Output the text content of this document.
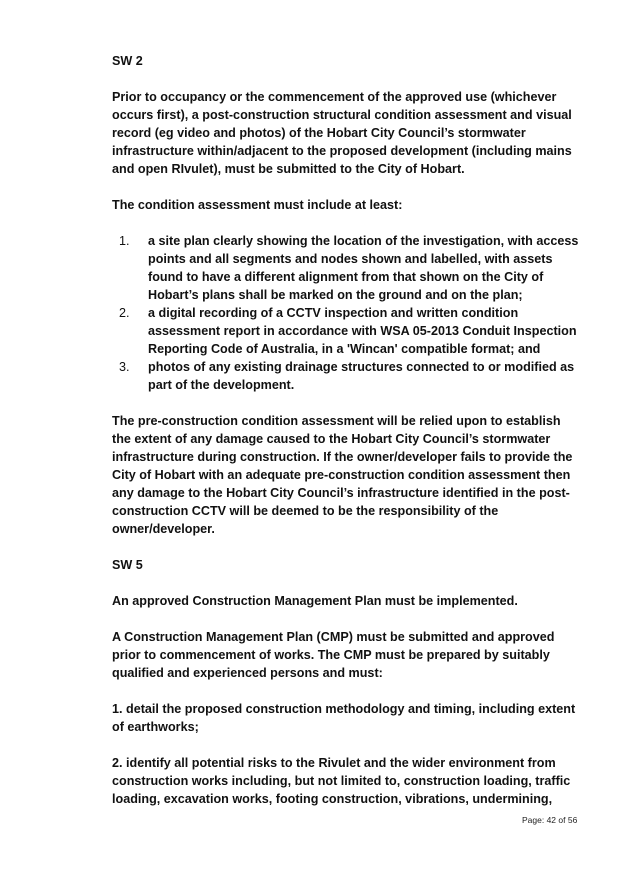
SW 2

Prior to occupancy or the commencement of the approved use (whichever occurs first), a post-construction structural condition assessment and visual record (eg video and photos) of the Hobart City Council’s stormwater infrastructure within/adjacent to the proposed development (including mains and open RIvulet), must be submitted to the City of Hobart.

The condition assessment must include at least:

1.	a site plan clearly showing the location of the investigation, with access points and all segments and nodes shown and labelled, with assets found to have a different alignment from that shown on the City of Hobart’s plans shall be marked on the ground and on the plan;
2.	a digital recording of a CCTV inspection and written condition assessment report in accordance with WSA 05-2013 Conduit Inspection Reporting Code of Australia, in a 'Wincan' compatible format; and
3.	photos of any existing drainage structures connected to or modified as part of the development.

The pre-construction condition assessment will be relied upon to establish the extent of any damage caused to the Hobart City Council’s stormwater infrastructure during construction. If the owner/developer fails to provide the City of Hobart with an adequate pre-construction condition assessment then any damage to the Hobart City Council’s infrastructure identified in the post-construction CCTV will be deemed to be the responsibility of the owner/developer.

SW 5

An approved Construction Management Plan must be implemented.

A Construction Management Plan (CMP) must be submitted and approved prior to commencement of works. The CMP must be prepared by suitably qualified and experienced persons and must:

1. detail the proposed construction methodology and timing, including extent of earthworks;

2. identify all potential risks to the Rivulet and the wider environment from construction works including, but not limited to, construction loading, traffic loading, excavation works, footing construction, vibrations, undermining,

Page: 42 of 56
